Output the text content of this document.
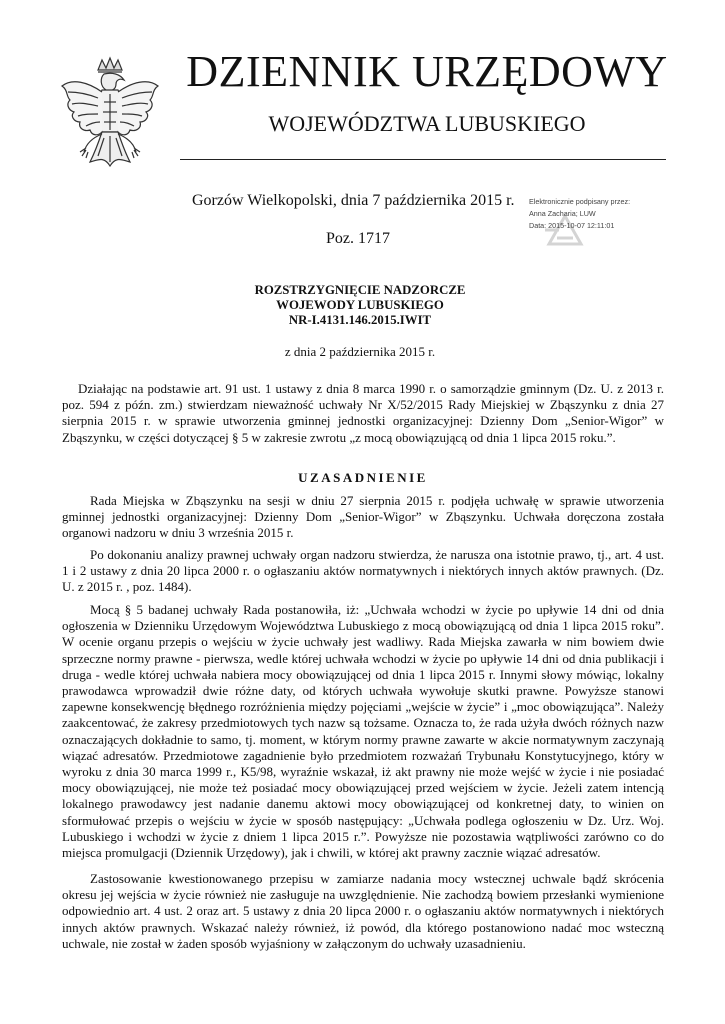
DZIENNIK URZĘDOWY
WOJEWÓDZTWA LUBUSKIEGO
Gorzów Wielkopolski, dnia 7 października 2015 r.
Poz. 1717
Elektronicznie podpisany przez:
Anna Zacharia; LUW
Data: 2015-10-07 12:11:01
ROZSTRZYGNIĘCIE NADZORCZE
WOJEWODY LUBUSKIEGO
NR-I.4131.146.2015.IWIT
z dnia 2 października 2015 r.
Działając na podstawie art. 91 ust. 1 ustawy z dnia 8 marca 1990 r. o samorządzie gminnym (Dz. U. z 2013 r. poz. 594 z późn. zm.) stwierdzam nieważność uchwały Nr X/52/2015 Rady Miejskiej w Zbąszynku z dnia 27 sierpnia 2015 r. w sprawie utworzenia gminnej jednostki organizacyjnej: Dzienny Dom „Senior-Wigor” w Zbąszynku, w części dotyczącej § 5 w zakresie zwrotu „z mocą obowiązującą od dnia 1 lipca 2015 roku.”.
UZASADNIENIE
Rada Miejska w Zbąszynku na sesji w dniu 27 sierpnia 2015 r. podjęła uchwałę w sprawie utworzenia gminnej jednostki organizacyjnej: Dzienny Dom „Senior-Wigor” w Zbąszynku. Uchwała doręczona została organowi nadzoru w dniu 3 września 2015 r.
Po dokonaniu analizy prawnej uchwały organ nadzoru stwierdza, że narusza ona istotnie prawo, tj., art. 4 ust. 1 i 2 ustawy z dnia 20 lipca 2000 r. o ogłaszaniu aktów normatywnych i niektórych innych aktów prawnych. (Dz. U. z 2015 r. , poz. 1484).
Mocą § 5 badanej uchwały Rada postanowiła, iż: „Uchwała wchodzi w życie po upływie 14 dni od dnia ogłoszenia w Dzienniku Urzędowym Województwa Lubuskiego z mocą obowiązującą od dnia 1 lipca 2015 roku”. W ocenie organu przepis o wejściu w życie uchwały jest wadliwy. Rada Miejska zawarła w nim bowiem dwie sprzeczne normy prawne - pierwsza, wedle której uchwała wchodzi w życie po upływie 14 dni od dnia publikacji i druga - wedle której uchwała nabiera mocy obowiązującej od dnia 1 lipca 2015 r. Innymi słowy mówiąc, lokalny prawodawca wprowadził dwie różne daty, od których uchwała wywołuje skutki prawne. Powyższe stanowi zapewne konsekwencję błędnego rozróżnienia między pojęciami „wejście w życie” i „moc obowiązująca”. Należy zaakcentować, że zakresy przedmiotowych tych nazw są tożsame. Oznacza to, że rada użyła dwóch różnych nazw oznaczających dokładnie to samo, tj. moment, w którym normy prawne zawarte w akcie normatywnym zaczynają wiązać adresatów. Przedmiotowe zagadnienie było przedmiotem rozważań Trybunału Konstytucyjnego, który w wyroku z dnia 30 marca 1999 r., K5/98, wyraźnie wskazał, iż akt prawny nie może wejść w życie i nie posiadać mocy obowiązującej, nie może też posiadać mocy obowiązującej przed wejściem w życie. Jeżeli zatem intencją lokalnego prawodawcy jest nadanie danemu aktowi mocy obowiązującej od konkretnej daty, to winien on sformułować przepis o wejściu w życie w sposób następujący: „Uchwała podlega ogłoszeniu w Dz. Urz. Woj. Lubuskiego i wchodzi w życie z dniem 1 lipca 2015 r.”. Powyższe nie pozostawia wątpliwości zarówno co do miejsca promulgacji (Dziennik Urzędowy), jak i chwili, w której akt prawny zacznie wiązać adresatów.
Zastosowanie kwestionowanego przepisu w zamiarze nadania mocy wstecznej uchwale bądź skrócenia okresu jej wejścia w życie również nie zasługuje na uwzględnienie. Nie zachodzą bowiem przesłanki wymienione odpowiednio art. 4 ust. 2 oraz art. 5 ustawy z dnia 20 lipca 2000 r. o ogłaszaniu aktów normatywnych i niektórych innych aktów prawnych. Wskazać należy również, iż powód, dla którego postanowiono nadać moc wsteczną uchwale, nie został w żaden sposób wyjaśniony w załączonym do uchwały uzasadnieniu.
